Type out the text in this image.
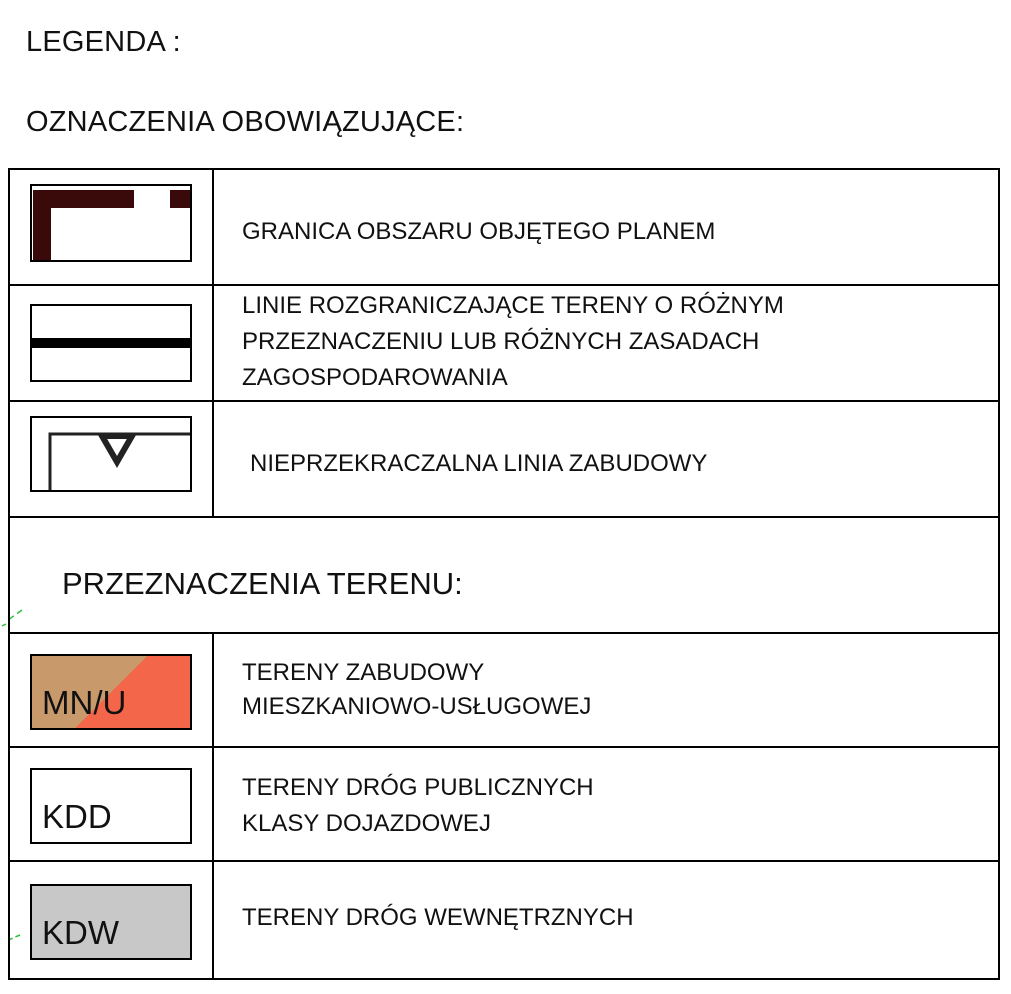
LEGENDA :
OZNACZENIA OBOWIĄZUJĄCE:
GRANICA OBSZARU OBJĘTEGO PLANEM
LINIE ROZGRANICZAJĄCE TERENY O RÓŻNYM
PRZEZNACZENIU LUB RÓŻNYCH ZASADACH
ZAGOSPODAROWANIA
NIEPRZEKRACZALNA LINIA ZABUDOWY
PRZEZNACZENIA TERENU:
MN/U
TERENY ZABUDOWY
MIESZKANIOWO-USŁUGOWEJ
KDD
TERENY DRÓG PUBLICZNYCH
KLASY DOJAZDOWEJ
KDW	TERENY DRÓG WEWNĘTRZNYCH
